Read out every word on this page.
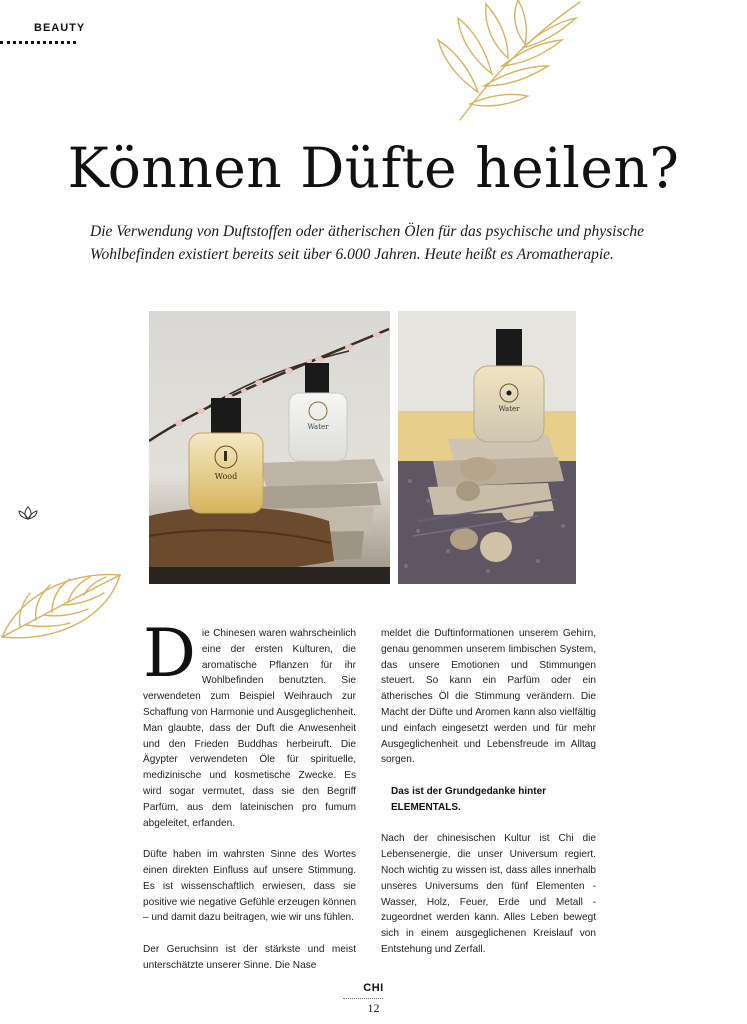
BEAUTY
Können Düfte heilen?
Die Verwendung von Duftstoffen oder ätherischen Ölen für das psychische und physische Wohlbefinden existiert bereits seit über 6.000 Jahren. Heute heißt es Aromatherapie.
Water
Wood
Water

Die Chinesen waren wahrscheinlich eine der ersten Kulturen, die aromatische Pflanzen für ihr Wohlbefinden benutzten. Sie verwendeten zum Beispiel Weihrauch zur Schaffung von Harmonie und Ausgeglichenheit. Man glaubte, dass der Duft die Anwesenheit und den Frieden Buddhas herbeiruft. Die Ägypter verwendeten Öle für spirituelle, medizinische und kosmetische Zwecke. Es wird sogar vermutet, dass sie den Begriff Parfüm, aus dem lateinischen pro fumum abgeleitet, erfanden.

Düfte haben im wahrsten Sinne des Wortes einen direkten Einfluss auf unsere Stimmung. Es ist wissenschaftlich erwiesen, dass sie positive wie negative Gefühle erzeugen können – und damit dazu beitragen, wie wir uns fühlen.

Der Geruchsinn ist der stärkste und meist unterschätzte unserer Sinne. Die Nase

meldet die Duftinformationen unserem Gehirn, genau genommen unserem limbischen System, das unsere Emotionen und Stimmungen steuert. So kann ein Parfüm oder ein ätherisches Öl die Stimmung verändern. Die Macht der Düfte und Aromen kann also vielfältig und einfach eingesetzt werden und für mehr Ausgeglichenheit und Lebensfreude im Alltag sorgen.

Das ist der Grundgedanke hinter ELEMENTALS.

Nach der chinesischen Kultur ist Chi die Lebensenergie, die unser Universum regiert. Noch wichtig zu wissen ist, dass alles innerhalb unseres Universums den fünf Elementen - Wasser, Holz, Feuer, Erde und Metall - zugeordnet werden kann. Alles Leben bewegt sich in einem ausgeglichenen Kreislauf von Entstehung und Zerfall.

CHI
12
